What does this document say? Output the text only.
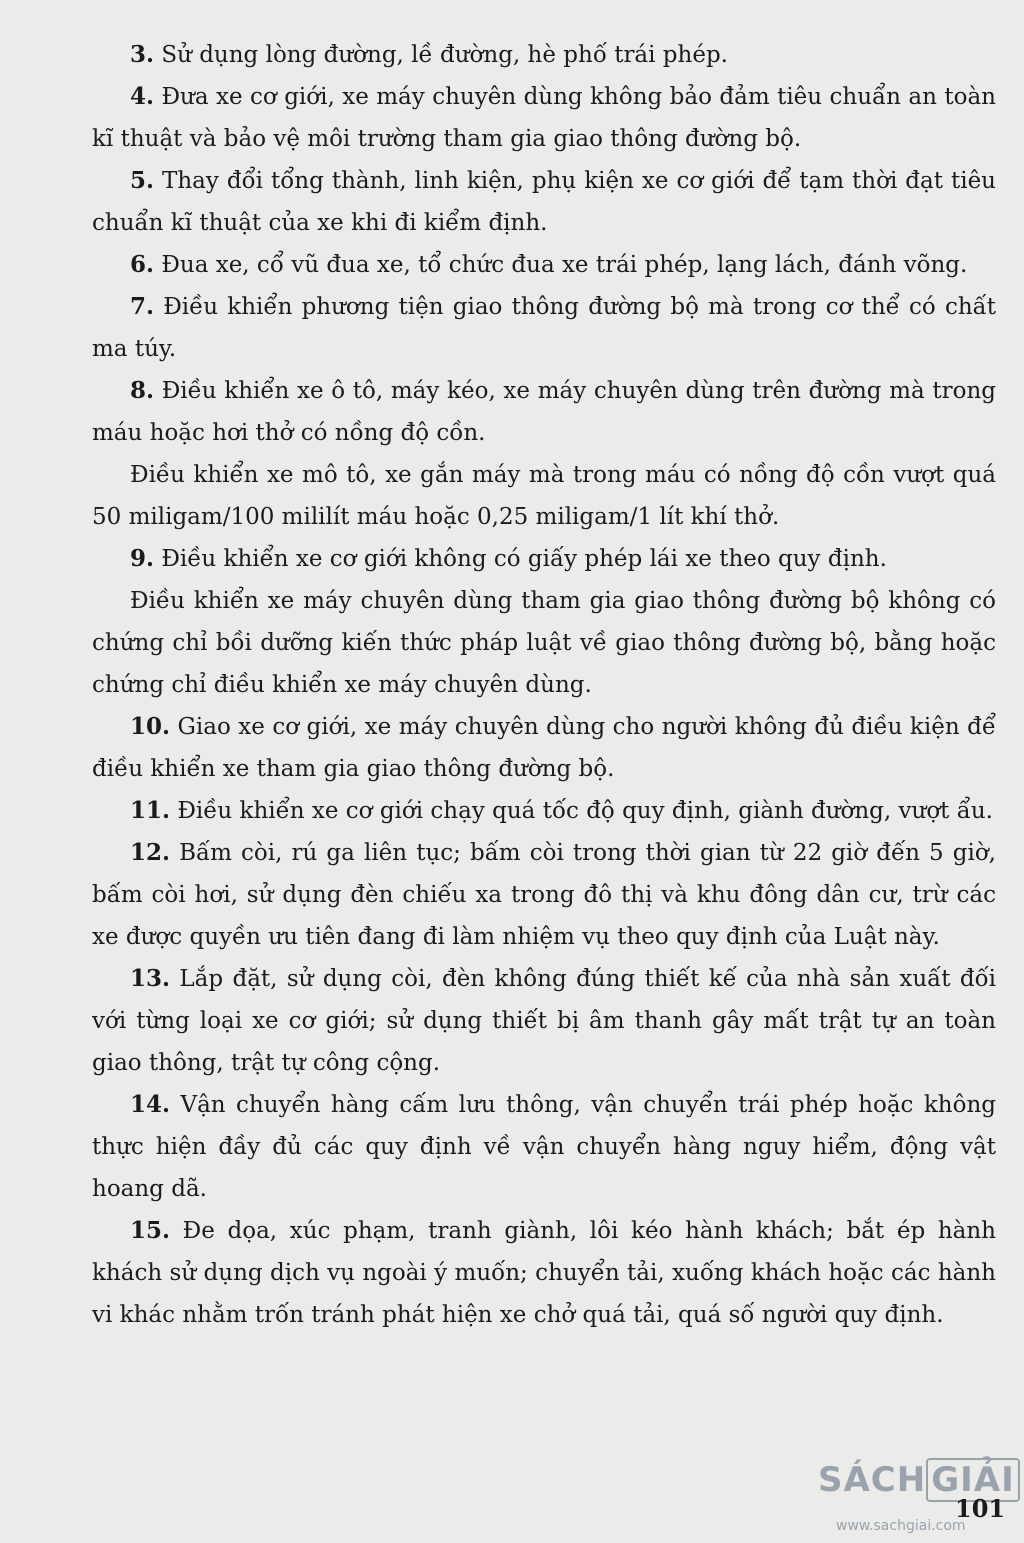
3. Sử dụng lòng đường, lề đường, hè phố trái phép.

4. Đưa xe cơ giới, xe máy chuyên dùng không bảo đảm tiêu chuẩn an toàn kĩ thuật và bảo vệ môi trường tham gia giao thông đường bộ.

5. Thay đổi tổng thành, linh kiện, phụ kiện xe cơ giới để tạm thời đạt tiêu chuẩn kĩ thuật của xe khi đi kiểm định.

6. Đua xe, cổ vũ đua xe, tổ chức đua xe trái phép, lạng lách, đánh võng.

7. Điều khiển phương tiện giao thông đường bộ mà trong cơ thể có chất ma túy.

8. Điều khiển xe ô tô, máy kéo, xe máy chuyên dùng trên đường mà trong máu hoặc hơi thở có nồng độ cồn.

Điều khiển xe mô tô, xe gắn máy mà trong máu có nồng độ cồn vượt quá 50 miligam/100 mililít máu hoặc 0,25 miligam/1 lít khí thở.

9. Điều khiển xe cơ giới không có giấy phép lái xe theo quy định.

Điều khiển xe máy chuyên dùng tham gia giao thông đường bộ không có chứng chỉ bồi dưỡng kiến thức pháp luật về giao thông đường bộ, bằng hoặc chứng chỉ điều khiển xe máy chuyên dùng.

10. Giao xe cơ giới, xe máy chuyên dùng cho người không đủ điều kiện để điều khiển xe tham gia giao thông đường bộ.

11. Điều khiển xe cơ giới chạy quá tốc độ quy định, giành đường, vượt ẩu.

12. Bấm còi, rú ga liên tục; bấm còi trong thời gian từ 22 giờ đến 5 giờ, bấm còi hơi, sử dụng đèn chiếu xa trong đô thị và khu đông dân cư, trừ các xe được quyền ưu tiên đang đi làm nhiệm vụ theo quy định của Luật này.

13. Lắp đặt, sử dụng còi, đèn không đúng thiết kế của nhà sản xuất đối với từng loại xe cơ giới; sử dụng thiết bị âm thanh gây mất trật tự an toàn giao thông, trật tự công cộng.

14. Vận chuyển hàng cấm lưu thông, vận chuyển trái phép hoặc không thực hiện đầy đủ các quy định về vận chuyển hàng nguy hiểm, động vật hoang dã.

15. Đe dọa, xúc phạm, tranh giành, lôi kéo hành khách; bắt ép hành khách sử dụng dịch vụ ngoài ý muốn; chuyển tải, xuống khách hoặc các hành vi khác nhằm trốn tránh phát hiện xe chở quá tải, quá số người quy định.

SÁCH GIẢI
www.sachgiai.com
101
